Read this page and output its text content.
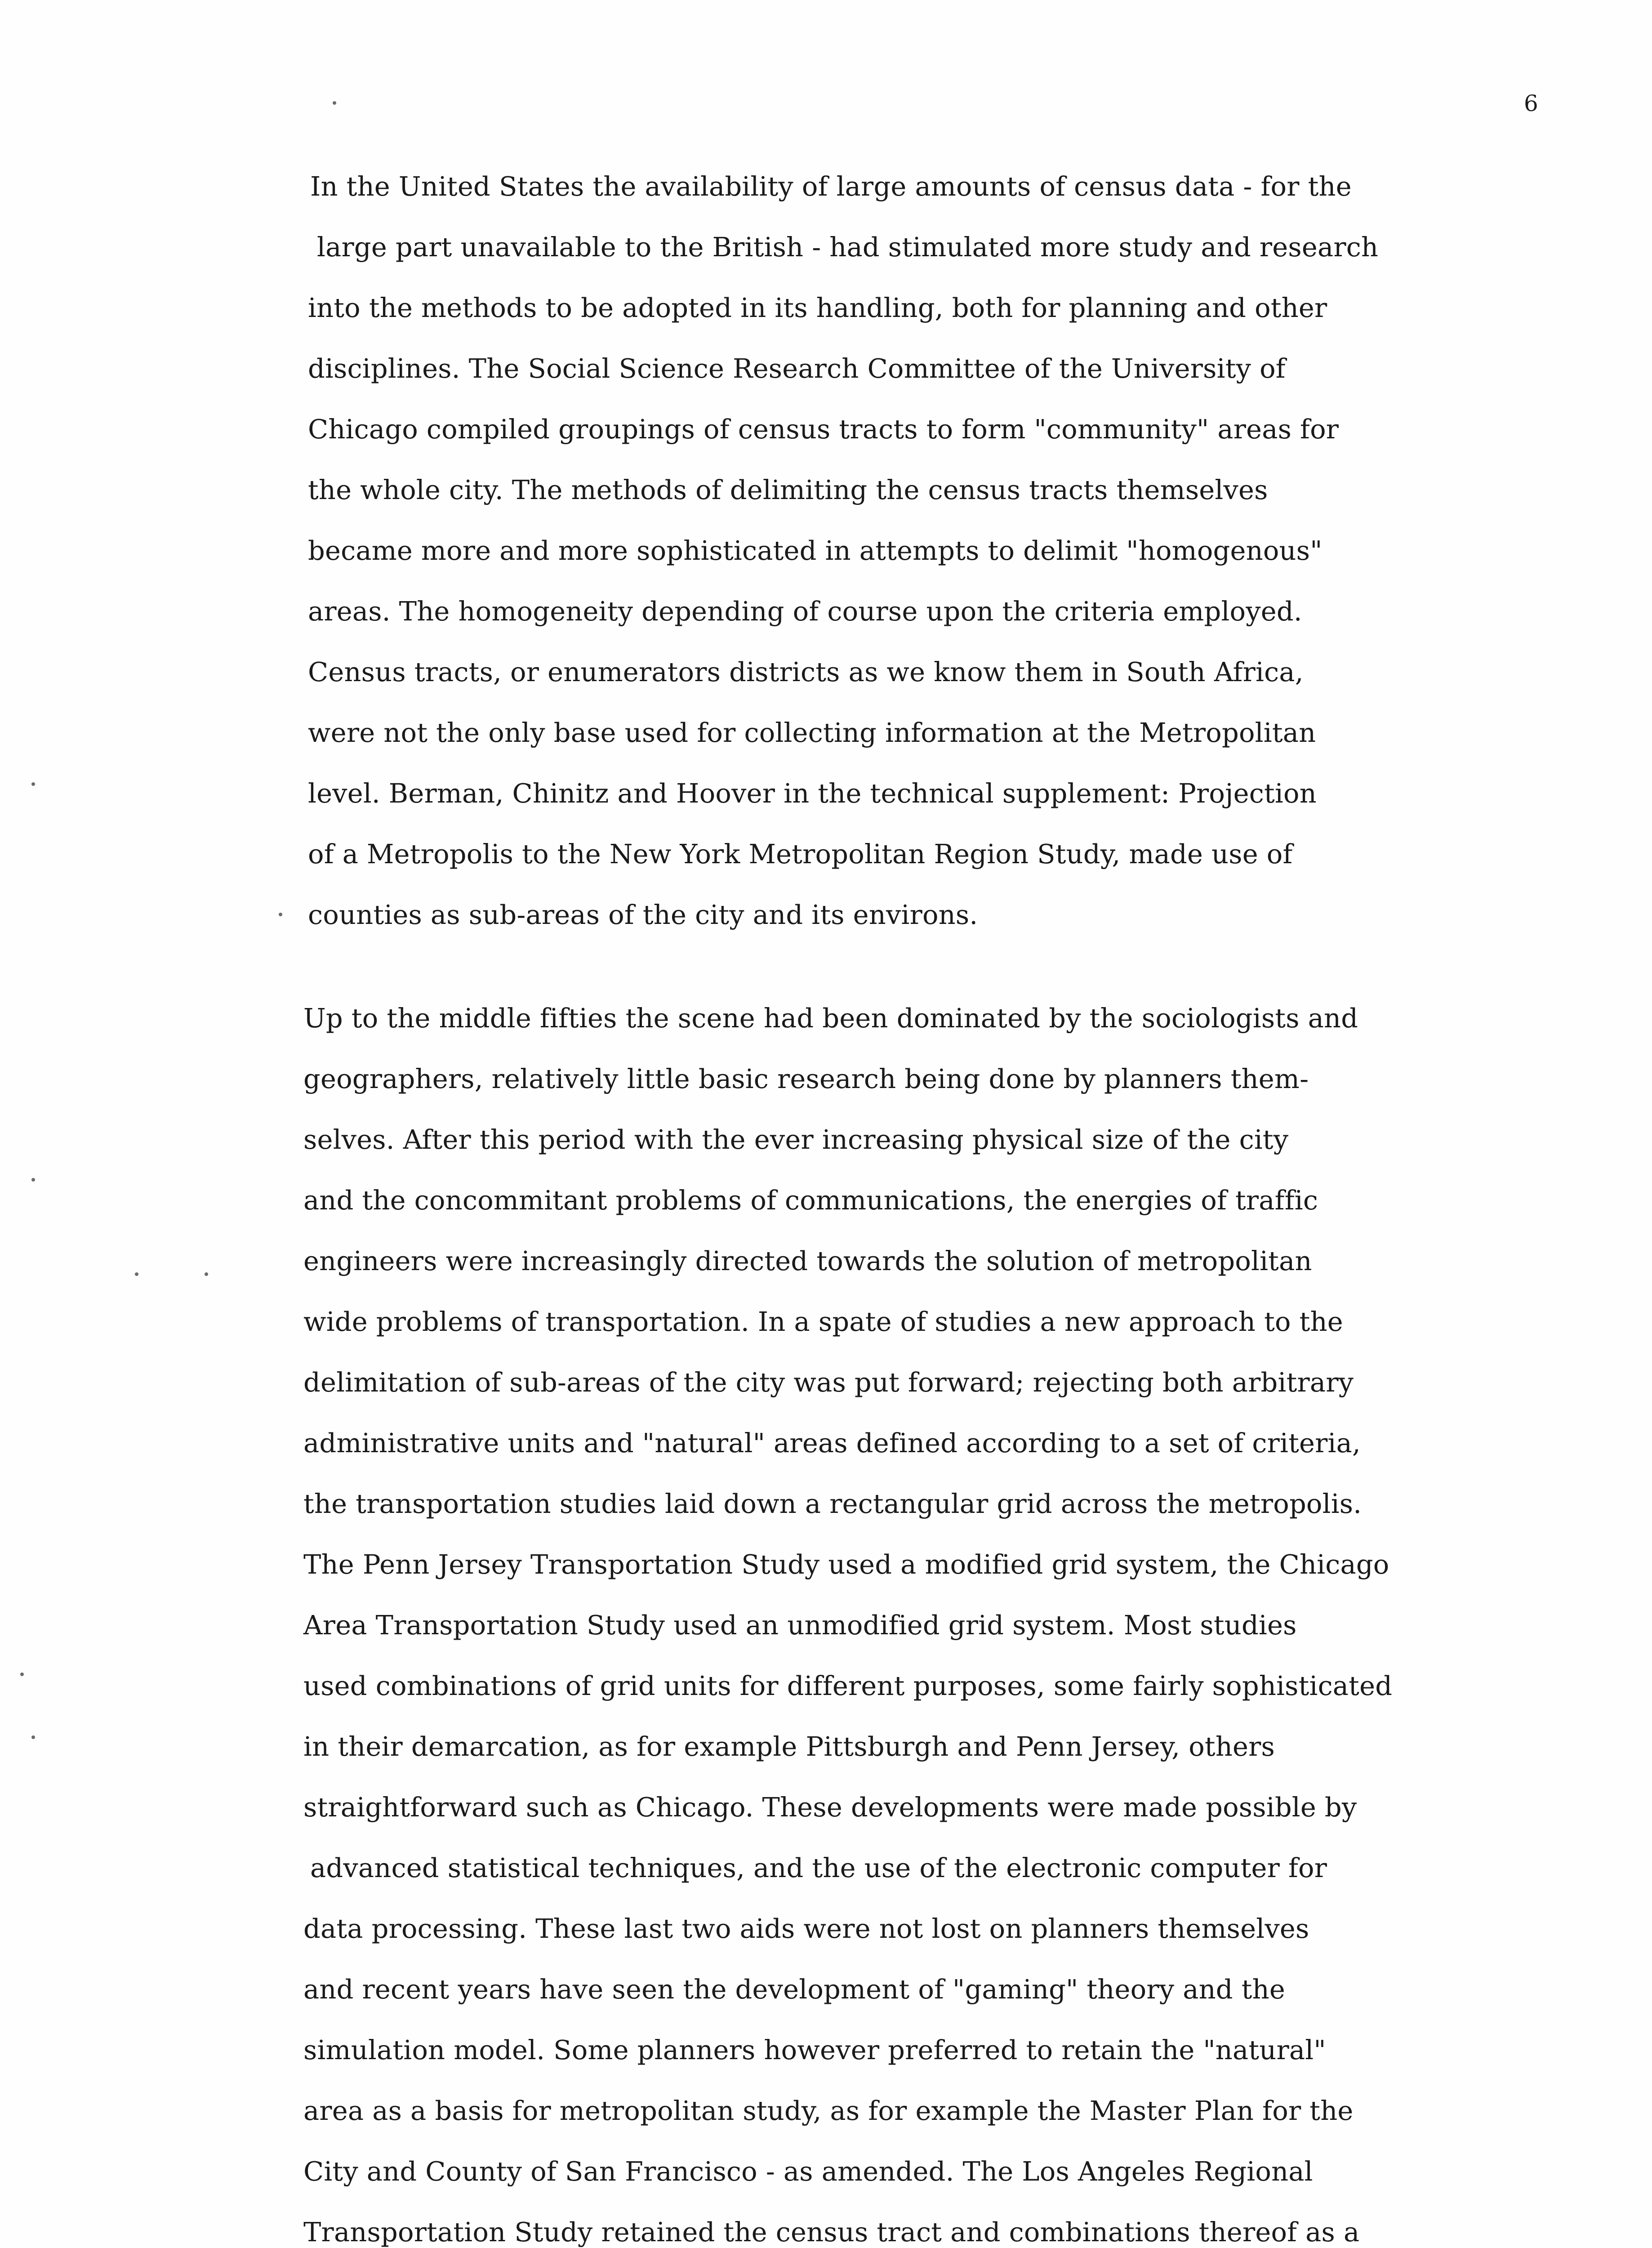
6
In the United States the availability of large amounts of census data - for the
large part unavailable to the British - had stimulated more study and research
into the methods to be adopted in its handling, both for planning and other
disciplines. The Social Science Research Committee of the University of
Chicago compiled groupings of census tracts to form "community" areas for
the whole city. The methods of delimiting the census tracts themselves
became more and more sophisticated in attempts to delimit "homogenous"
areas. The homogeneity depending of course upon the criteria employed.
Census tracts, or enumerators districts as we know them in South Africa,
were not the only base used for collecting information at the Metropolitan
level. Berman, Chinitz and Hoover in the technical supplement: Projection
of a Metropolis to the New York Metropolitan Region Study, made use of
counties as sub-areas of the city and its environs.
Up to the middle fifties the scene had been dominated by the sociologists and
geographers, relatively little basic research being done by planners them-
selves. After this period with the ever increasing physical size of the city
and the concommitant problems of communications, the energies of traffic
engineers were increasingly directed towards the solution of metropolitan
wide problems of transportation. In a spate of studies a new approach to the
delimitation of sub-areas of the city was put forward; rejecting both arbitrary
administrative units and "natural" areas defined according to a set of criteria,
the transportation studies laid down a rectangular grid across the metropolis.
The Penn Jersey Transportation Study used a modified grid system, the Chicago
Area Transportation Study used an unmodified grid system. Most studies
used combinations of grid units for different purposes, some fairly sophisticated
in their demarcation, as for example Pittsburgh and Penn Jersey, others
straightforward such as Chicago. These developments were made possible by
advanced statistical techniques, and the use of the electronic computer for
data processing. These last two aids were not lost on planners themselves
and recent years have seen the development of "gaming" theory and the
simulation model. Some planners however preferred to retain the "natural"
area as a basis for metropolitan study, as for example the Master Plan for the
City and County of San Francisco - as amended. The Los Angeles Regional
Transportation Study retained the census tract and combinations thereof as a
